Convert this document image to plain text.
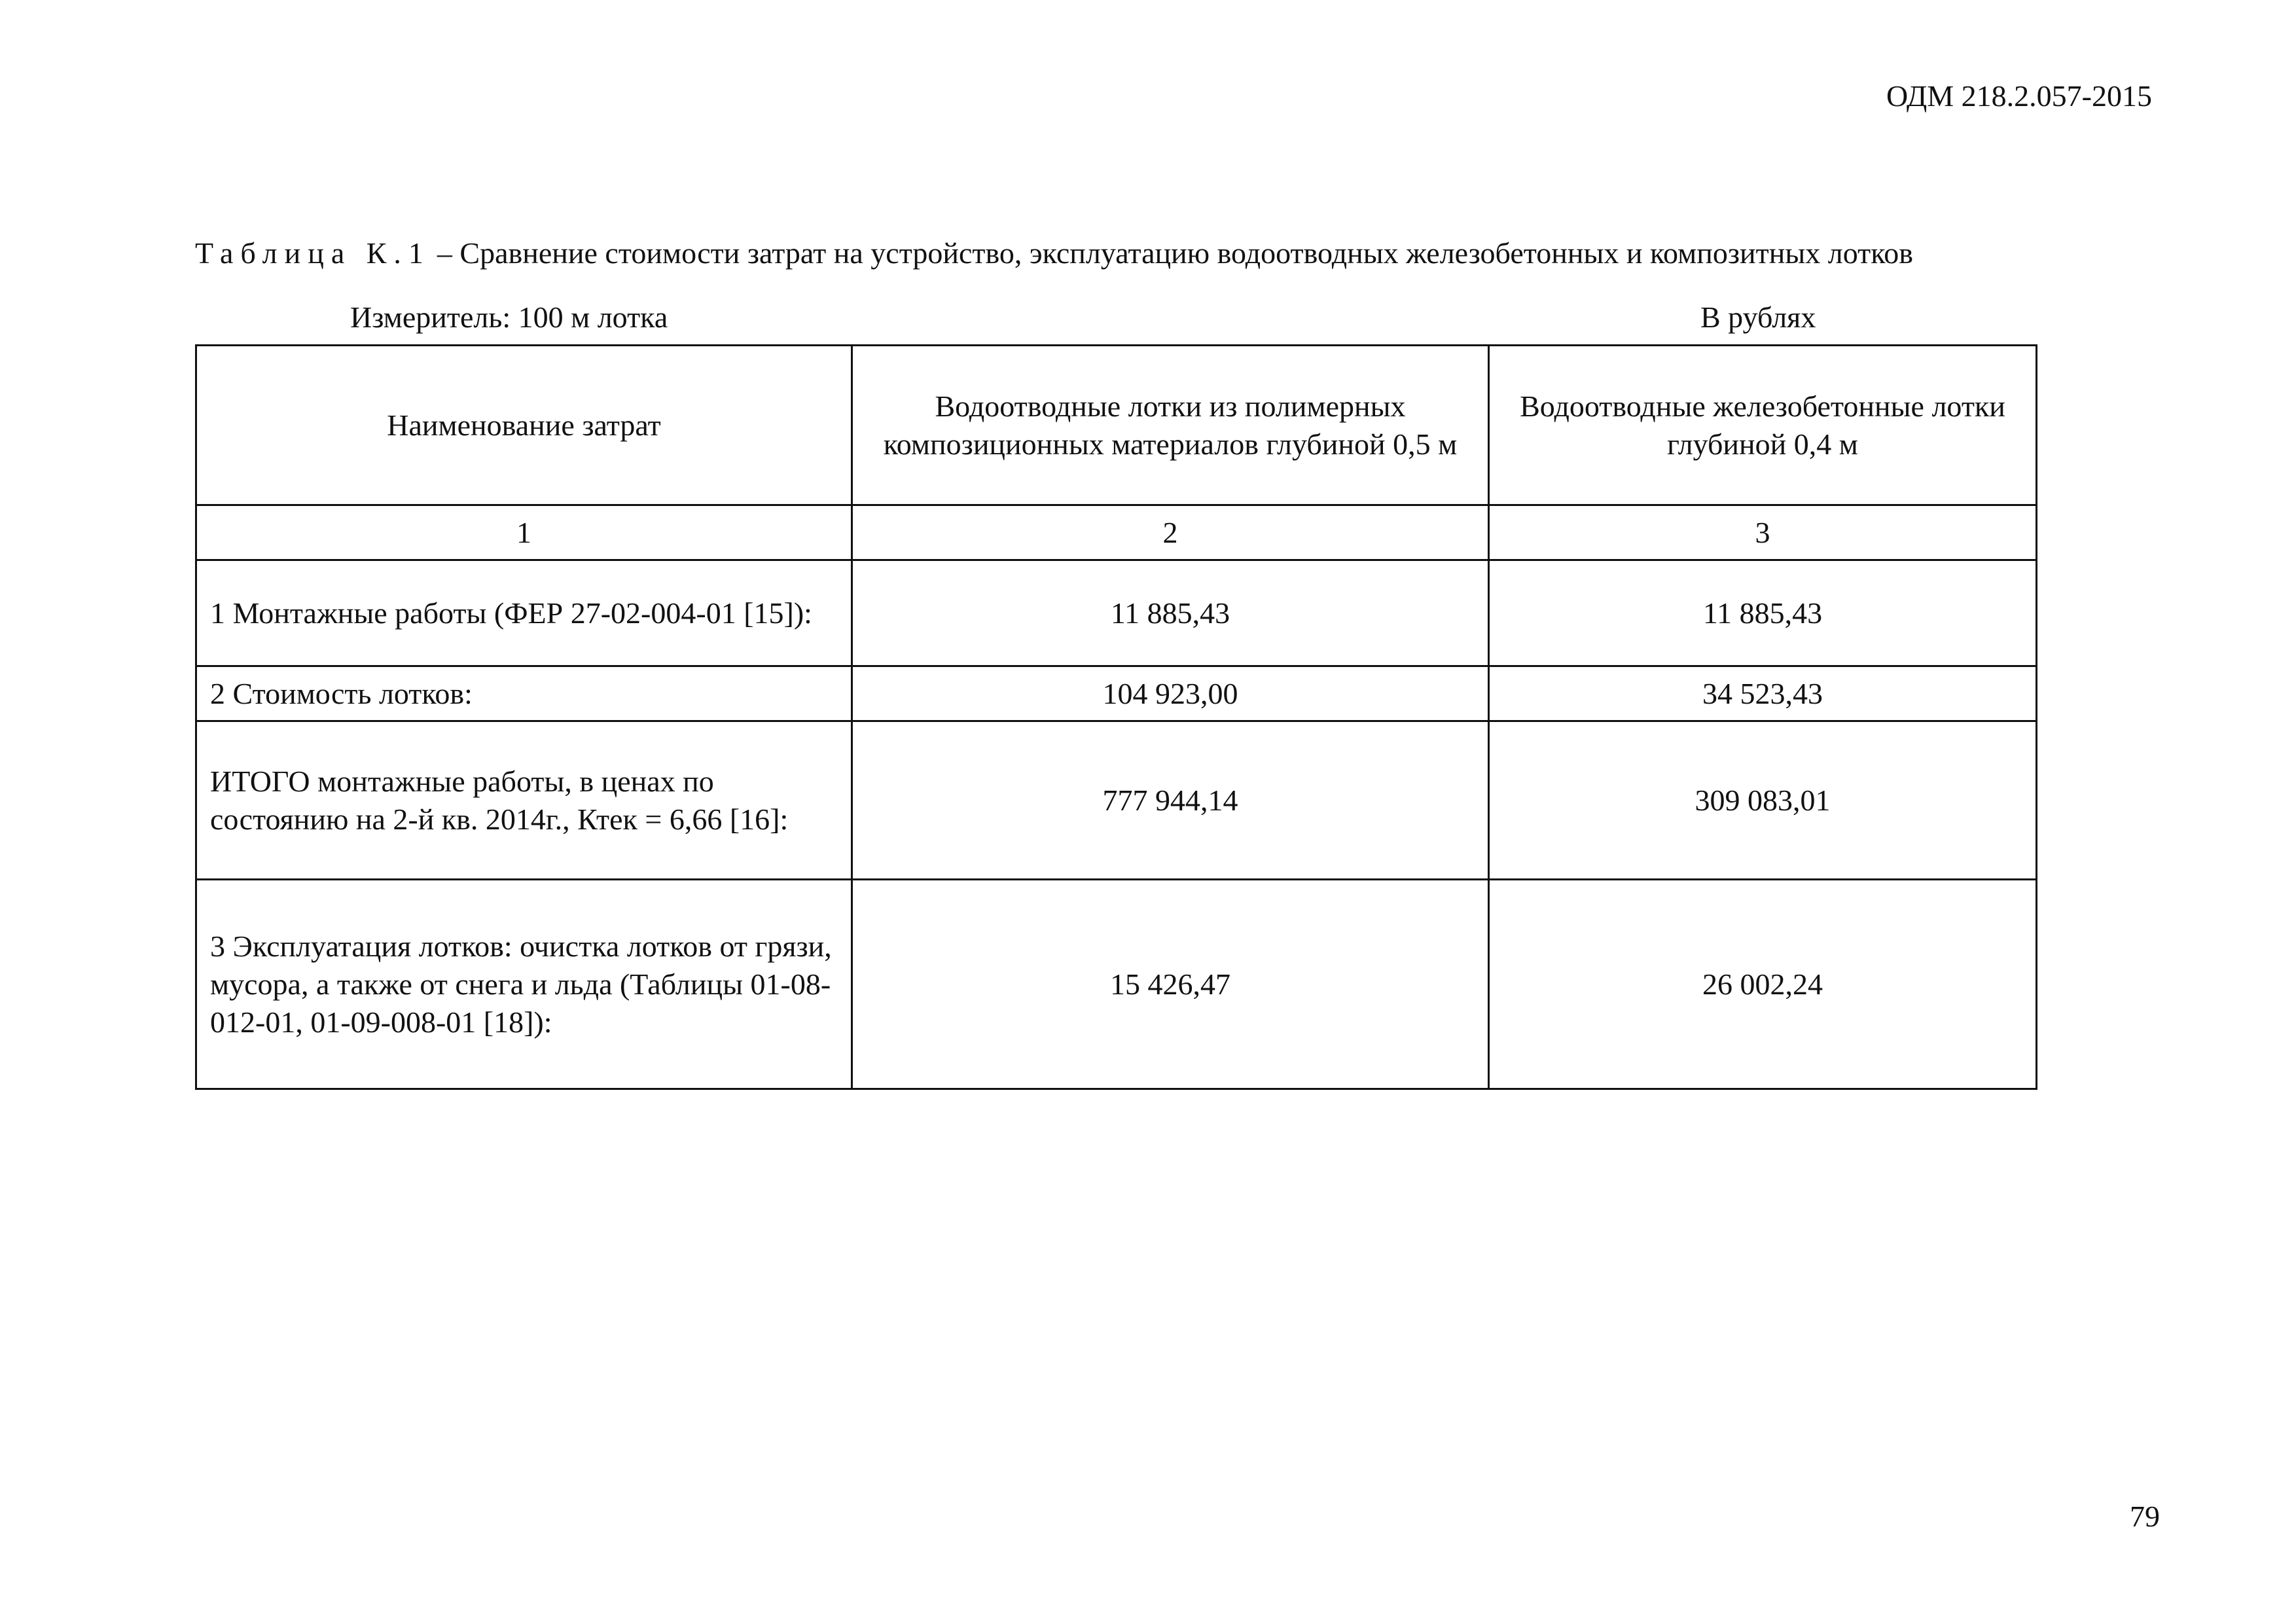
ОДМ 218.2.057-2015
Таблица К.1 – Сравнение стоимости затрат на устройство, эксплуатацию водоотводных железобетонных и композитных лотков
Измеритель: 100 м лотка	В рублях
Наименование затрат	Водоотводные лотки из полимерных композиционных материалов глубиной 0,5 м	Водоотводные железобетонные лотки глубиной 0,4 м
1	2	3
1 Монтажные работы (ФЕР 27-02-004-01 [15]):	11 885,43	11 885,43
2 Стоимость лотков:	104 923,00	34 523,43
ИТОГО монтажные работы, в ценах по состоянию на 2-й кв. 2014г., Ктек = 6,66 [16]:	777 944,14	309 083,01
3 Эксплуатация лотков: очистка лотков от грязи, мусора, а также от снега и льда (Таблицы 01-08-012-01, 01-09-008-01 [18]):	15 426,47	26 002,24
79
